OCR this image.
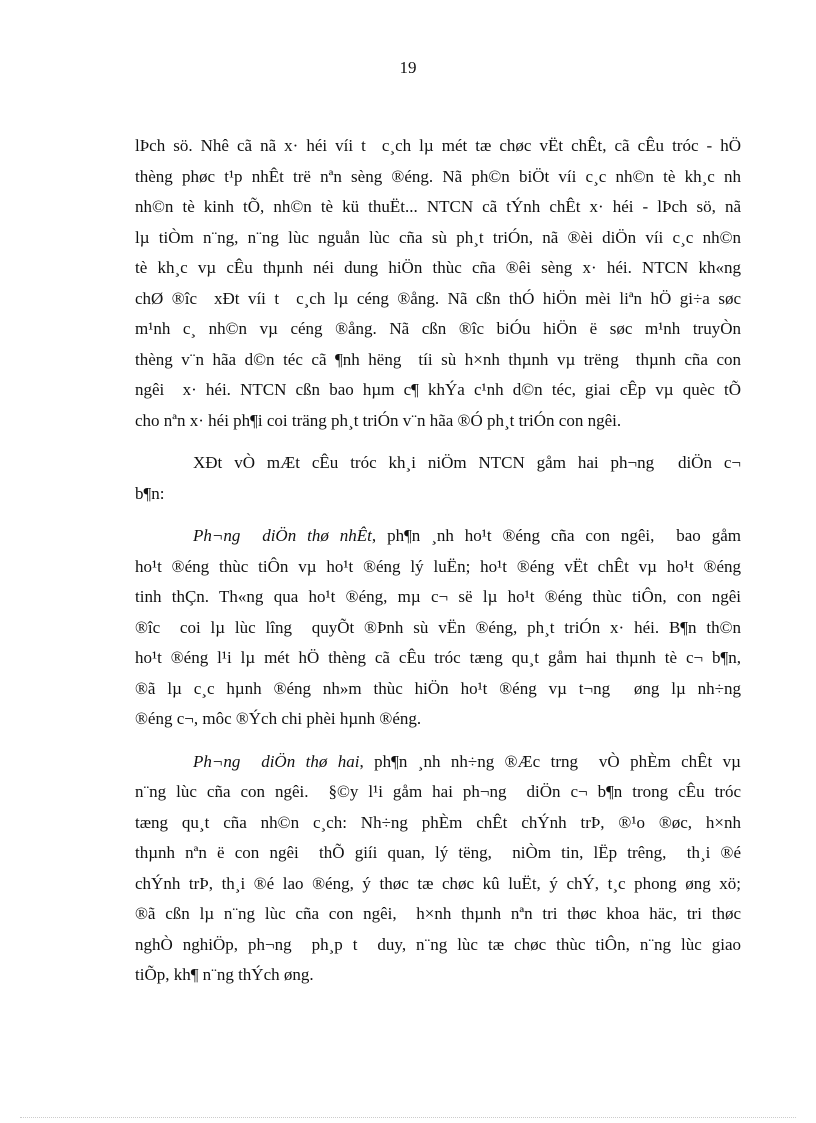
19
lÞch sö. Nhê cã nã x· héi víi t  c¸ch lµ mét tæ chøc vËt chÊt, cã cÊu tróc - hÖ
thèng phøc t¹p nhÊt trë nªn sèng ®éng. Nã ph©n biÖt víi c¸c nh©n tè kh¸c nh
nh©n tè kinh tÕ, nh©n tè kü thuËt... NTCN cã tÝnh chÊt x· héi - lÞch sö, nã
lµ tiÒm n¨ng, n¨ng lùc nguån lùc cña sù ph¸t triÓn, nã ®èi diÖn víi c¸c nh©n
tè kh¸c vµ cÊu thµnh néi dung hiÖn thùc cña ®êi sèng x· héi. NTCN kh«ng
chØ ®îc  xÐt víi t  c¸ch lµ céng ®ång. Nã cßn thÓ hiÖn mèi liªn hÖ gi÷a søc
m¹nh c¸ nh©n vµ céng ®ång. Nã cßn ®îc biÓu hiÖn ë søc m¹nh truyÒn
thèng v¨n hãa d©n téc cã ¶nh hëng  tíi sù h×nh thµnh vµ trëng  thµnh cña con
ngêi  x· héi. NTCN cßn bao hµm c¶ khÝa c¹nh d©n téc, giai cÊp vµ quèc tÕ
cho nªn x· héi ph¶i coi träng ph¸t triÓn v¨n hãa ®Ó ph¸t triÓn con ngêi.
XÐt vÒ mÆt cÊu tróc kh¸i niÖm NTCN gåm hai ph¬ng  diÖn c¬
b¶n:
Ph¬ng  diÖn thø nhÊt, ph¶n ¸nh ho¹t ®éng cña con ngêi,  bao gåm
ho¹t ®éng thùc tiÔn vµ ho¹t ®éng lý luËn; ho¹t ®éng vËt chÊt vµ ho¹t ®éng
tinh thÇn. Th«ng qua ho¹t ®éng, mµ c¬ së lµ ho¹t ®éng thùc tiÔn, con ngêi
®îc  coi lµ lùc lîng  quyÕt ®Þnh sù vËn ®éng, ph¸t triÓn x· héi. B¶n th©n
ho¹t ®éng l¹i lµ mét hÖ thèng cã cÊu tróc tæng qu¸t gåm hai thµnh tè c¬ b¶n,
®ã lµ c¸c hµnh ®éng nh»m thùc hiÖn ho¹t ®éng vµ t¬ng  øng lµ nh÷ng
®éng c¬, môc ®Ých chi phèi hµnh ®éng.
Ph¬ng  diÖn thø hai, ph¶n ¸nh nh÷ng ®Æc trng  vÒ phÈm chÊt vµ
n¨ng lùc cña con ngêi.  §©y l¹i gåm hai ph¬ng  diÖn c¬ b¶n trong cÊu tróc
tæng qu¸t cña nh©n c¸ch: Nh÷ng phÈm chÊt chÝnh trÞ, ®¹o ®øc, h×nh
thµnh nªn ë con ngêi  thÕ giíi quan, lý tëng,  niÒm tin, lËp trêng,  th¸i ®é
chÝnh trÞ, th¸i ®é lao ®éng, ý thøc tæ chøc kû luËt, ý chÝ, t¸c phong øng xö;
®ã cßn lµ n¨ng lùc cña con ngêi,  h×nh thµnh nªn tri thøc khoa häc, tri thøc
nghÒ nghiÖp, ph¬ng  ph¸p t  duy, n¨ng lùc tæ chøc thùc tiÔn, n¨ng lùc giao
tiÕp, kh¶ n¨ng thÝch øng.
